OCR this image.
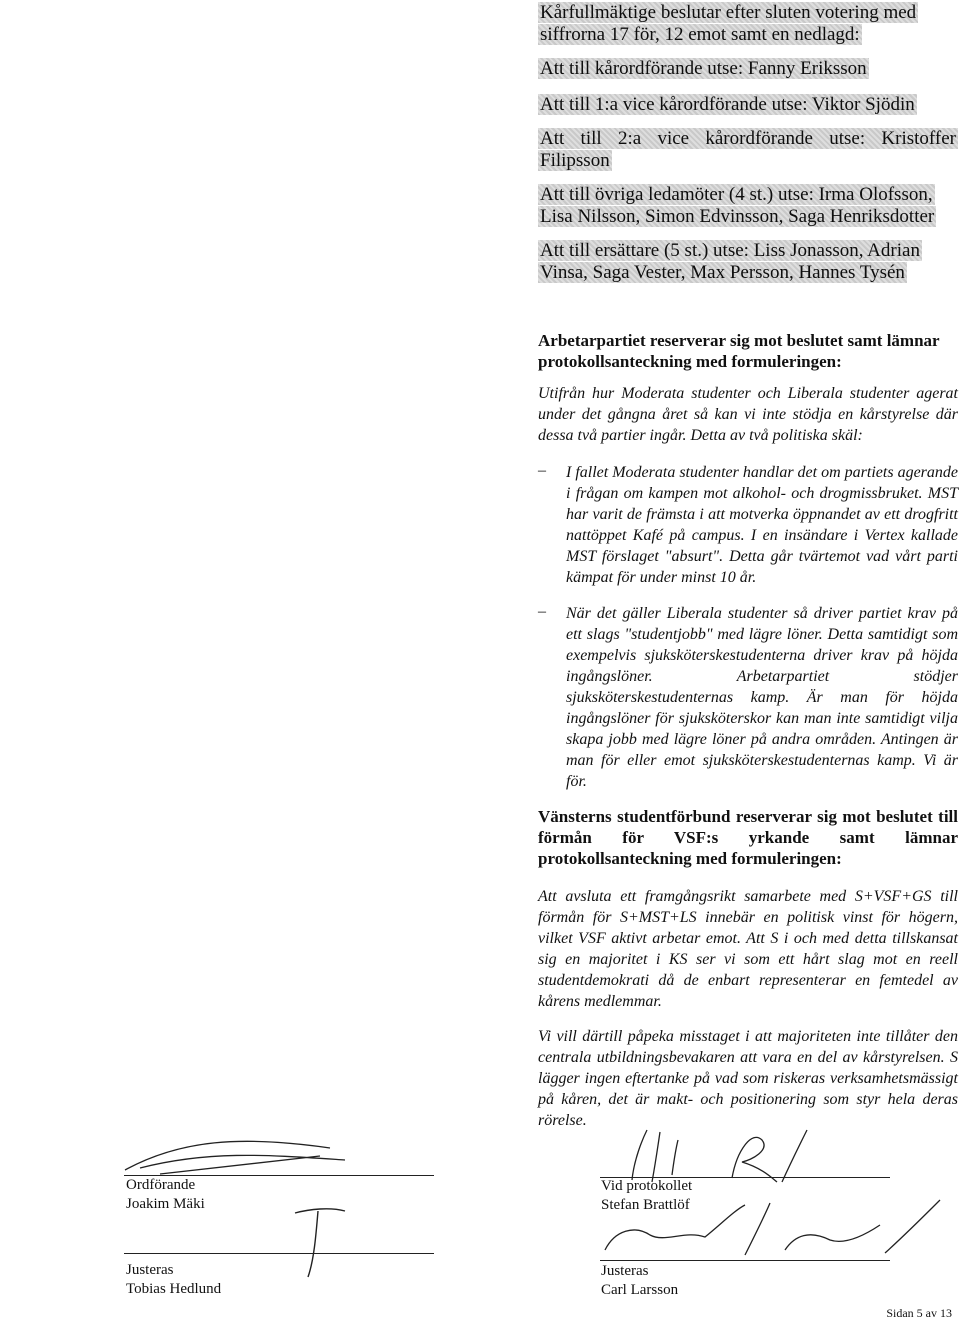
Kårfullmäktige beslutar efter sluten votering med
siffrorna 17 för, 12 emot samt en nedlagd:
Att till kårordförande utse: Fanny Eriksson
Att till 1:a vice kårordförande utse: Viktor Sjödin
Att till 2:a vice kårordförande utse: Kristoffer Filipsson
Att till övriga ledamöter (4 st.) utse: Irma Olofsson, Lisa Nilsson, Simon Edvinsson, Saga Henriksdotter
Att till ersättare (5 st.) utse: Liss Jonasson, Adrian Vinsa, Saga Vester, Max Persson, Hannes Tysén
Arbetarpartiet reserverar sig mot beslutet samt lämnar protokollsanteckning med formuleringen:
Utifrån hur Moderata studenter och Liberala studenter agerat under det gångna året så kan vi inte stödja en kårstyrelse där dessa två partier ingår. Detta av två politiska skäl:
– I fallet Moderata studenter handlar det om partiets agerande i frågan om kampen mot alkohol- och drogmissbruket. MST har varit de främsta i att motverka öppnandet av ett drogfritt nattöppet Kafé på campus. I en insändare i Vertex kallade MST förslaget "absurt". Detta går tvärtemot vad vårt parti kämpat för under minst 10 år.
– När det gäller Liberala studenter så driver partiet krav på ett slags "studentjobb" med lägre löner. Detta samtidigt som exempelvis sjuksköterskestudenterna driver krav på höjda ingångslöner. Arbetarpartiet stödjer sjuksköterskestudenternas kamp. Är man för höjda ingångslöner för sjuksköterskor kan man inte samtidigt vilja skapa jobb med lägre löner på andra områden. Antingen är man för eller emot sjuksköterskestudenternas kamp. Vi är för.
Vänsterns studentförbund reserverar sig mot beslutet till förmån för VSF:s yrkande samt lämnar protokollsanteckning med formuleringen:
Att avsluta ett framgångsrikt samarbete med S+VSF+GS till förmån för S+MST+LS innebär en politisk vinst för högern, vilket VSF aktivt arbetar emot. Att S i och med detta tillskansat sig en majoritet i KS ser vi som ett hårt slag mot en reell studentdemokrati då de enbart representerar en femtedel av kårens medlemmar.
Vi vill därtill påpeka misstaget i att majoriteten inte tillåter den centrala utbildningsbevakaren att vara en del av kårstyrelsen. S lägger ingen eftertanke på vad som riskeras verksamhetsmässigt på kåren, det är makt- och positionering som styr hela deras rörelse.
Ordförande
Joakim Mäki
Justeras
Tobias Hedlund
Vid protokollet
Stefan Brattlöf
Justeras
Carl Larsson
Sidan 5 av 13
